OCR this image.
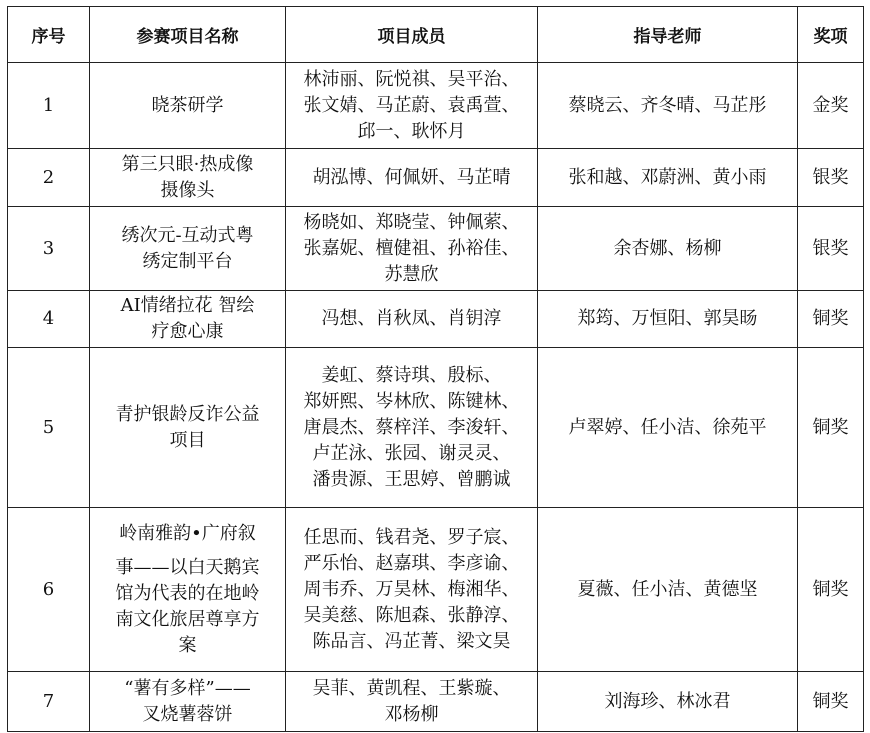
序号	参赛项目名称	项目成员	指导老师	奖项
1	晓茶研学	林沛丽、阮悦祺、吴平治、
张文婧、马芷蔚、袁禹萱、
邱一、耿怀月	蔡晓云、齐冬晴、马芷彤	金奖
2	第三只眼·热成像
摄像头	胡泓博、何佩妍、马芷晴	张和越、邓蔚洲、黄小雨	银奖
3	绣次元-互动式粤
绣定制平台	杨晓如、郑晓莹、钟佩萦、
张嘉妮、檀健祖、孙裕佳、
苏慧欣	余杏娜、杨柳	银奖
4	AI情绪拉花 智绘
疗愈心康	冯想、肖秋凤、肖钥淳	郑筠、万恒阳、郭昊旸	铜奖
5	青护银龄反诈公益
项目	姜虹、蔡诗琪、殷标、
郑妍熙、岑林欣、陈键林、
唐晨杰、蔡梓洋、李浚轩、
卢芷泳、张园、谢灵灵、
潘贵源、王思婷、曾鹏诚	卢翠婷、任小洁、徐苑平	铜奖
6	岭南雅韵•广府叙
事——以白天鹅宾
馆为代表的在地岭
南文化旅居尊享方
案	任思而、钱君尧、罗子宸、
严乐怡、赵嘉琪、李彦谕、
周韦乔、万昊林、梅湘华、
吴美慈、陈旭森、张静淳、
陈品言、冯芷菁、梁文昊	夏薇、任小洁、黄德坚	铜奖
7	“薯有多样”——
叉烧薯蓉饼	吴菲、黄凯程、王紫璇、
邓杨柳	刘海珍、林冰君	铜奖
